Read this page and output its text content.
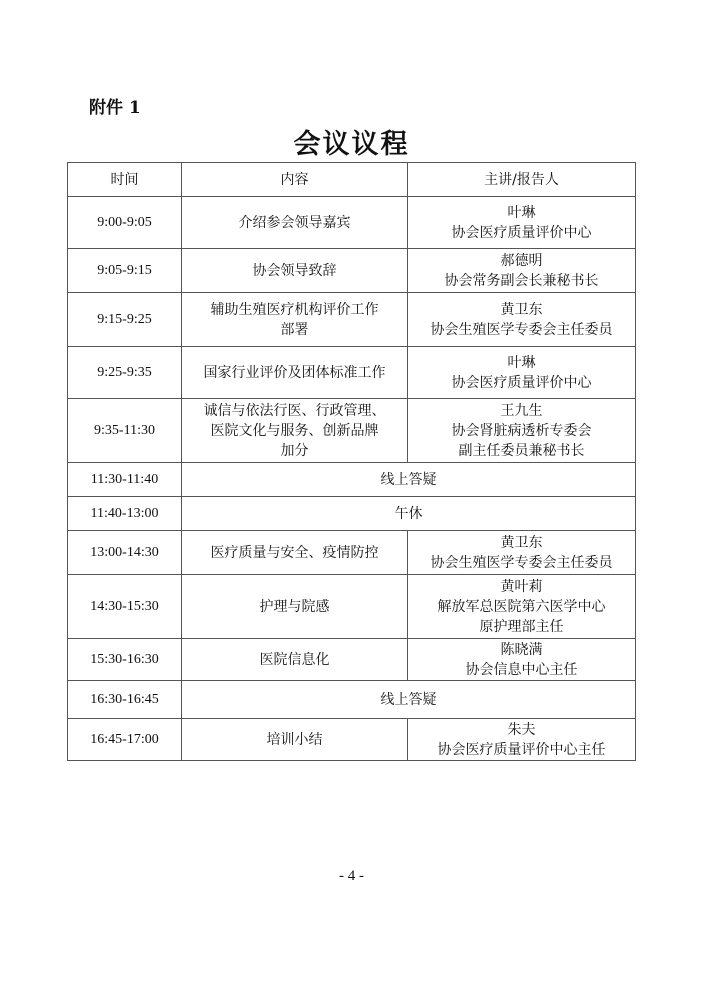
附件 1
会议议程
时间	内容	主讲/报告人
9:00-9:05	介绍参会领导嘉宾	叶琳
协会医疗质量评价中心

9:05-9:15	协会领导致辞	郝德明
协会常务副会长兼秘书长

9:15-9:25	辅助生殖医疗机构评价工作
部署	黄卫东
协会生殖医学专委会主任委员

9:25-9:35	国家行业评价及团体标准工作	叶琳
协会医疗质量评价中心

9:35-11:30	诚信与依法行医、行政管理、
医院文化与服务、创新品牌
加分	王九生
协会肾脏病透析专委会
副主任委员兼秘书长

11:30-11:40	线上答疑	
11:40-13:00	午休	
13:00-14:30	医疗质量与安全、疫情防控	黄卫东
协会生殖医学专委会主任委员

14:30-15:30	护理与院感	黄叶莉
解放军总医院第六医学中心
原护理部主任

15:30-16:30	医院信息化	陈晓满
协会信息中心主任

16:30-16:45	线上答疑	
16:45-17:00	培训小结	朱夫
协会医疗质量评价中心主任
- 4 -
